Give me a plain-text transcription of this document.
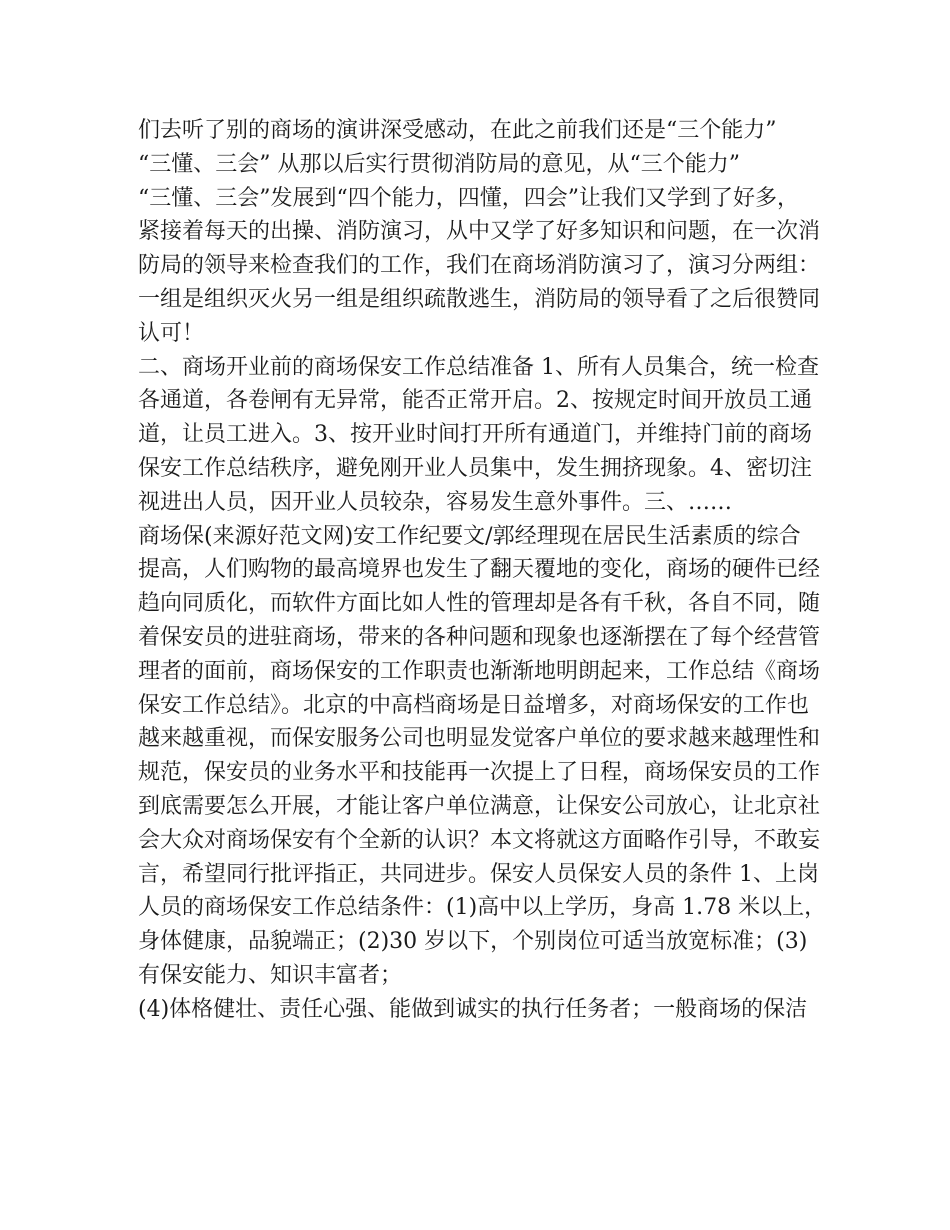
们去听了别的商场的演讲深受感动，在此之前我们还是“三个能力”
“三懂、三会” 从那以后实行贯彻消防局的意见，从“三个能力”
“三懂、三会”发展到“四个能力，四懂，四会”让我们又学到了好多，
紧接着每天的出操、消防演习，从中又学了好多知识和问题，在一次消
防局的领导来检查我们的工作，我们在商场消防演习了，演习分两组：
一组是组织灭火另一组是组织疏散逃生，消防局的领导看了之后很赞同
认可！
二、商场开业前的商场保安工作总结准备 1、所有人员集合，统一检查
各通道，各卷闸有无异常，能否正常开启。2、按规定时间开放员工通
道，让员工进入。3、按开业时间打开所有通道门，并维持门前的商场
保安工作总结秩序，避免刚开业人员集中，发生拥挤现象。4、密切注
视进出人员，因开业人员较杂，容易发生意外事件。三、……
商场保(来源好范文网)安工作纪要文/郭经理现在居民生活素质的综合
提高，人们购物的最高境界也发生了翻天覆地的变化，商场的硬件已经
趋向同质化，而软件方面比如人性的管理却是各有千秋，各自不同，随
着保安员的进驻商场，带来的各种问题和现象也逐渐摆在了每个经营管
理者的面前，商场保安的工作职责也渐渐地明朗起来，工作总结《商场
保安工作总结》。北京的中高档商场是日益增多，对商场保安的工作也
越来越重视，而保安服务公司也明显发觉客户单位的要求越来越理性和
规范，保安员的业务水平和技能再一次提上了日程，商场保安员的工作
到底需要怎么开展，才能让客户单位满意，让保安公司放心，让北京社
会大众对商场保安有个全新的认识？本文将就这方面略作引导，不敢妄
言，希望同行批评指正，共同进步。保安人员保安人员的条件 1、上岗
人员的商场保安工作总结条件：(1)高中以上学历，身高 1.78 米以上，
身体健康，品貌端正；(2)30 岁以下，个别岗位可适当放宽标准；(3)
有保安能力、知识丰富者；
(4)体格健壮、责任心强、能做到诚实的执行任务者；一般商场的保洁
